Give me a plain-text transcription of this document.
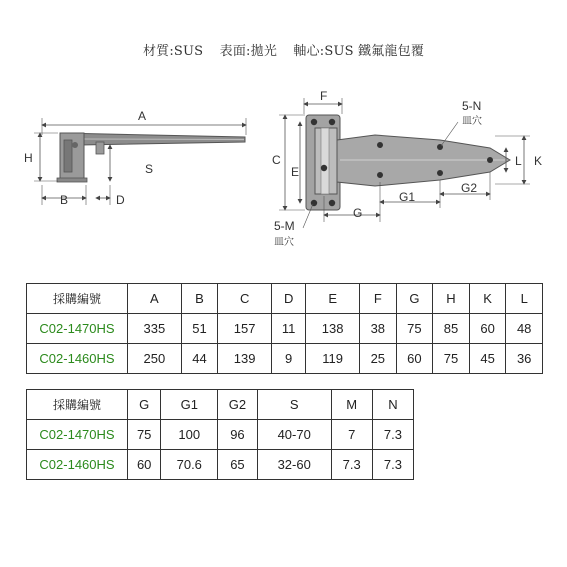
材質:SUS 表面:拋光 軸心:SUS 鐵氟龍包覆
A
H
S
B	D
F
C
E
G
G1
G2
K
L
5-N
皿穴
5-M
皿穴
採購編號	A	B	C	D	E	F	G	H	K	L
C02-1470HS	335	51	157	11	138	38	75	85	60	48
C02-1460HS	250	44	139	9	119	25	60	75	45	36
採購編號	G	G1	G2	S	M	N
C02-1470HS	75	100	96	40-70	7	7.3
C02-1460HS	60	70.6	65	32-60	7.3	7.3
